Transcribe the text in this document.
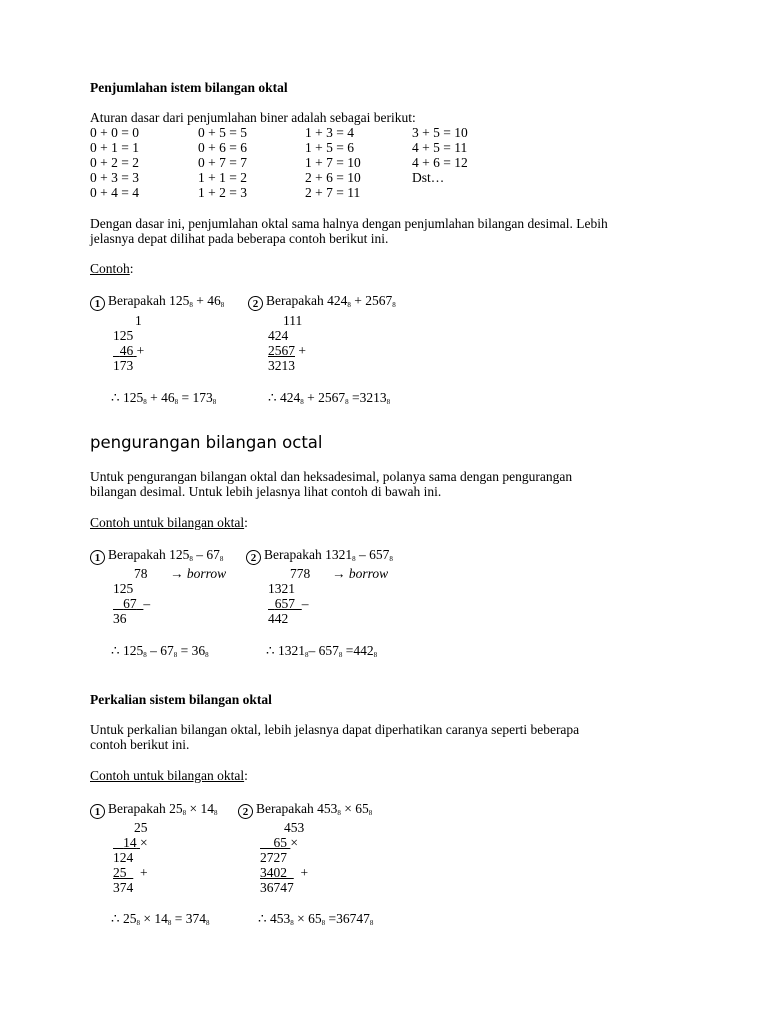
Penjumlahan istem bilangan oktal
Aturan dasar dari penjumlahan biner adalah sebagai berikut:
0 + 0 = 0	0 + 5 = 5	1 + 3 = 4	3 + 5 = 10
0 + 1 = 1	0 + 6 = 6	1 + 5 = 6	4 + 5 = 11
0 + 2 = 2	0 + 7 = 7	1 + 7 = 10	4 + 6 = 12
0 + 3 = 3	1 + 1 = 2	2 + 6 = 10	Dst…
0 + 4 = 4	1 + 2 = 3	2 + 7 = 11
Dengan dasar ini, penjumlahan oktal sama halnya dengan penjumlahan bilangan desimal. Lebih
jelasnya depat dilihat pada beberapa contoh berikut ini.
Contoh:
1 Berapakah $125_8 + 46_8$	2 Berapakah $424_8 + 2567_8$
1
125
46 +
173
111
424
2567 +
3213
∴ $125_8 + 46_8 = 173_8$	∴ $424_8 + 2567_8 =3213_8$
pengurangan bilangan octal
Untuk pengurangan bilangan oktal dan heksadesimal, polanya sama dengan pengurangan
bilangan desimal. Untuk lebih jelasnya lihat contoh di bawah ini.
Contoh untuk bilangan oktal:
1 Berapakah $125_8 - 67_8$	2 Berapakah $1321_8 - 657_8$
78 → borrow
125
67 –
36
778 → borrow
1321
657 –
442
∴ $125_8 - 67_8 = 36_8$	∴ $1321_8-$ $657_8 =442_8$
Perkalian sistem bilangan oktal
Untuk perkalian bilangan oktal, lebih jelasnya dapat diperhatikan caranya seperti beberapa
contoh berikut ini.
Contoh untuk bilangan oktal:
1 Berapakah $25_8 \times 14_8$	2 Berapakah $453_8 \times 65_8$
25
14 ×
124
25 +
374
453
65 ×
2727
3402 +
36747
∴ $25_8 \times 14_8 = 374_8$	∴ $453_8 \times 65_8 =36747_8$
